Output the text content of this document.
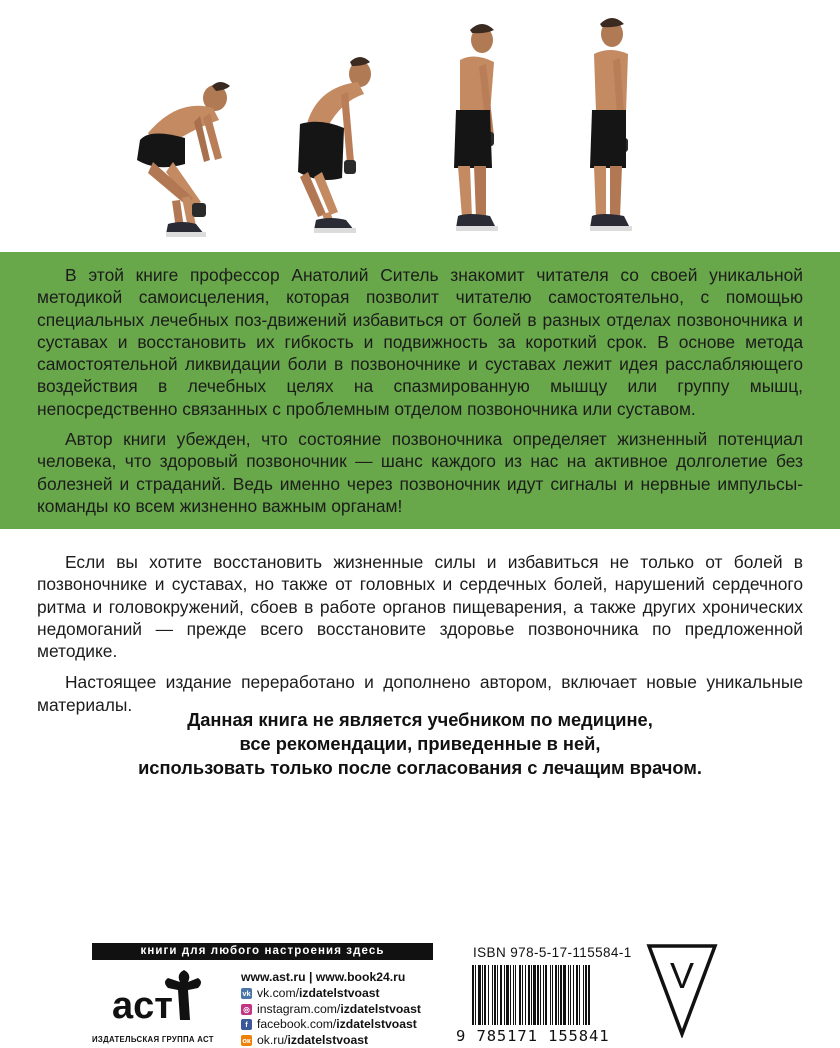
В этой книге профессор Анатолий Ситель знакомит читателя со своей уникальной методикой самоисцеления, которая позволит читателю самостоятельно, с помощью специальных лечебных поз-движений избавиться от болей в разных отделах позвоночника и суставах и восстановить их гибкость и подвижность за короткий срок. В основе метода самостоятельной ликвидации боли в позвоночнике и суставах лежит идея расслабляющего воздействия в лечебных целях на спазмированную мышцу или группу мышц, непосредственно связанных с проблемным отделом позвоночника или суставом.

Автор книги убежден, что состояние позвоночника определяет жизненный потенциал человека, что здоровый позвоночник — шанс каждого из нас на активное долголетие без болезней и страданий. Ведь именно через позвоночник идут сигналы и нервные импульсы-команды ко всем жизненно важным органам!

Если вы хотите восстановить жизненные силы и избавиться не только от болей в позвоночнике и суставах, но также от головных и сердечных болей, нарушений сердечного ритма и головокружений, сбоев в работе органов пищеварения, а также других хронических недомоганий — прежде всего восстановите здоровье позвоночника по предложенной методике.

Настоящее издание переработано и дополнено автором, включает новые уникальные материалы.

Данная книга не является учебником по медицине,
все рекомендации, приведенные в ней,
использовать только после согласования с лечащим врачом.
книги для любого настроения здесь
аст
ИЗДАТЕЛЬСКАЯ ГРУППА АСТ
www.ast.ru | www.book24.ru
vk vk.com/ izdatelstvoast
◎ instagram.com/ izdatelstvoast
f facebook.com/ izdatelstvoast
ок ok.ru/ izdatelstvoast
ISBN 978-5-17-115584-1
9 785171 155841
V
